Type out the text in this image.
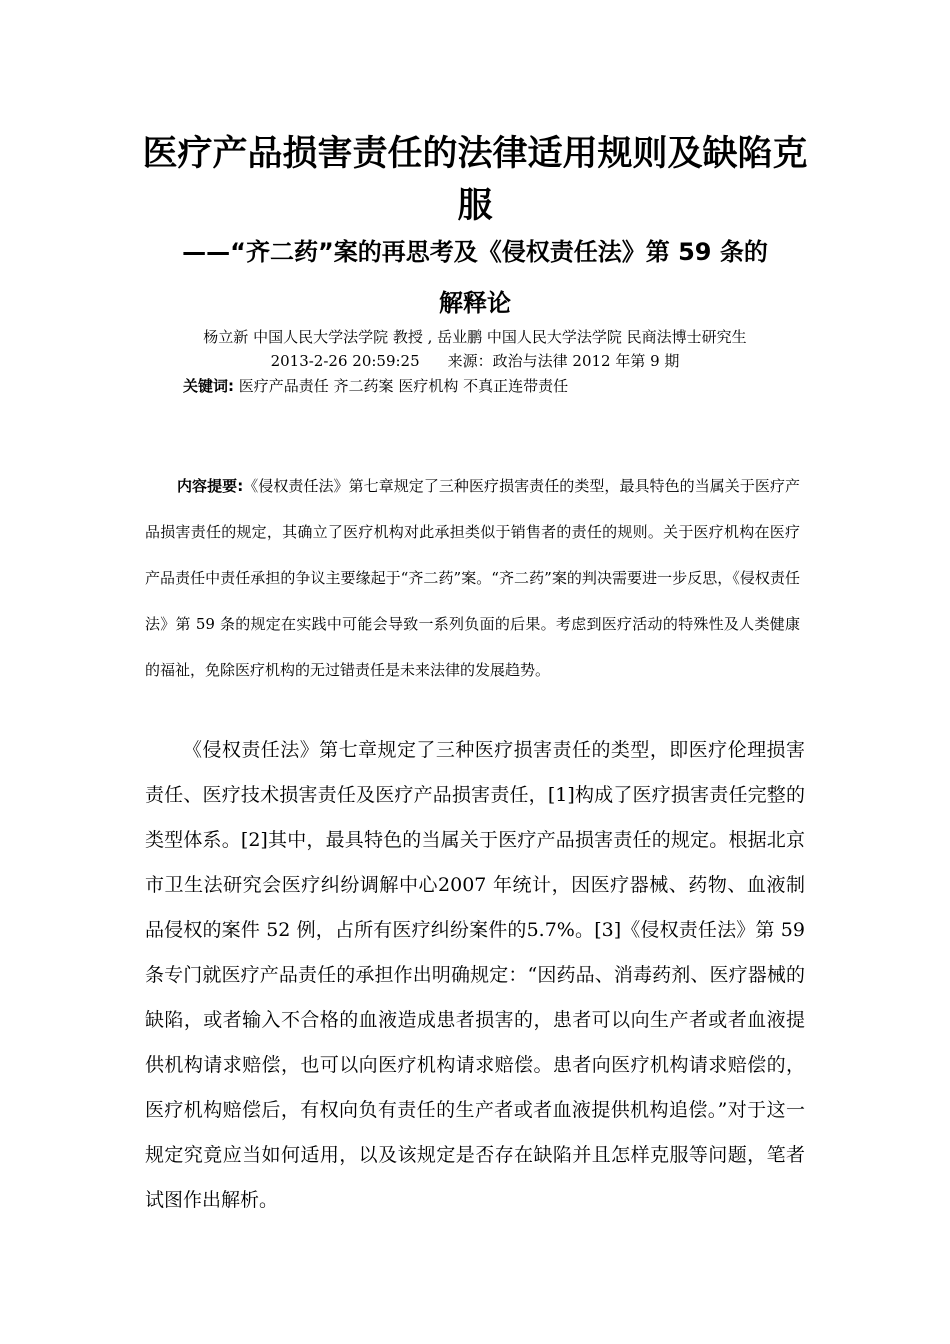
医疗产品损害责任的法律适用规则及缺陷克
服
——“齐二药”案的再思考及《侵权责任法》第 59 条的
解释论
杨立新 中国人民大学法学院 教授 , 岳业鹏 中国人民大学法学院 民商法博士研究生
2013-2-26 20:59:25 来源：政治与法律 2012 年第 9 期
关键词: 医疗产品责任 齐二药案 医疗机构 不真正连带责任

内容提要:《侵权责任法》第七章规定了三种医疗损害责任的类型，最具特色的当属关于医疗产品损害责任的规定，其确立了医疗机构对此承担类似于销售者的责任的规则。关于医疗机构在医疗产品责任中责任承担的争议主要缘起于“齐二药”案。“齐二药”案的判决需要进一步反思，《侵权责任法》第 59 条的规定在实践中可能会导致一系列负面的后果。考虑到医疗活动的特殊性及人类健康的福祉，免除医疗机构的无过错责任是未来法律的发展趋势。

《侵权责任法》第七章规定了三种医疗损害责任的类型，即医疗伦理损害责任、医疗技术损害责任及医疗产品损害责任，[1]构成了医疗损害责任完整的类型体系。[2]其中，最具特色的当属关于医疗产品损害责任的规定。根据北京市卫生法研究会医疗纠纷调解中心2007 年统计，因医疗器械、药物、血液制品侵权的案件 52 例，占所有医疗纠纷案件的5.7%。[3]《侵权责任法》第 59 条专门就医疗产品责任的承担作出明确规定：“因药品、消毒药剂、医疗器械的缺陷，或者输入不合格的血液造成患者损害的，患者可以向生产者或者血液提供机构请求赔偿，也可以向医疗机构请求赔偿。患者向医疗机构请求赔偿的，医疗机构赔偿后，有权向负有责任的生产者或者血液提供机构追偿。”对于这一规定究竟应当如何适用，以及该规定是否存在缺陷并且怎样克服等问题，笔者试图作出解析。
